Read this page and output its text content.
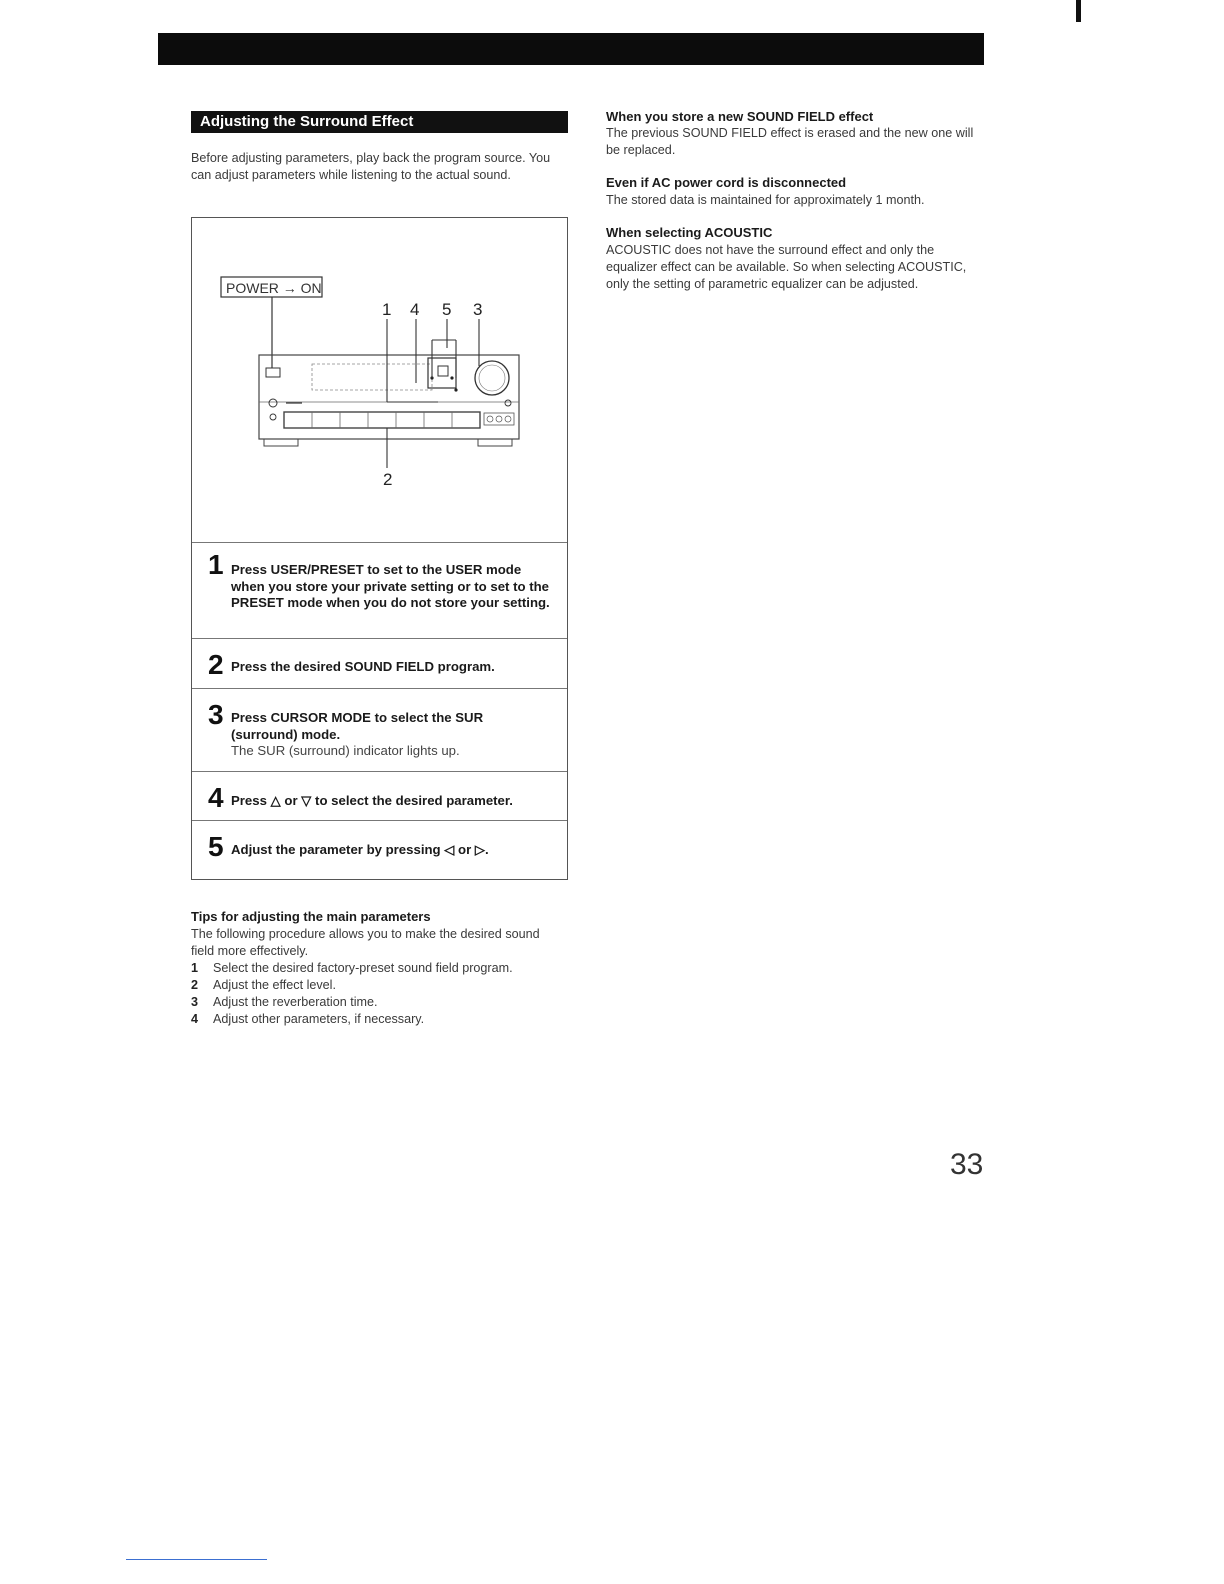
Adjusting the Surround Effect

Before adjusting parameters, play back the program source. You can adjust parameters while listening to the actual sound.

POWER → ON
1 4 5 3
2
1 Press USER/PRESET to set to the USER mode when you store your private setting or to set to the PRESET mode when you do not store your setting.

2 Press the desired SOUND FIELD program.

3 Press CURSOR MODE to select the SUR (surround) mode.
The SUR (surround) indicator lights up.

4 Press △ or ▽ to select the desired parameter.

5 Adjust the parameter by pressing ◁ or ▷.

Tips for adjusting the main parameters

The following procedure allows you to make the desired sound field more effectively.

1 Select the desired factory-preset sound field program.
2 Adjust the effect level.
3 Adjust the reverberation time.
4 Adjust other parameters, if necessary.

When you store a new SOUND FIELD effect

The previous SOUND FIELD effect is erased and the new one will be replaced.

Even if AC power cord is disconnected

The stored data is maintained for approximately 1 month.

When selecting ACOUSTIC

ACOUSTIC does not have the surround effect and only the equalizer effect can be available. So when selecting ACOUSTIC, only the setting of parametric equalizer can be adjusted.

33
